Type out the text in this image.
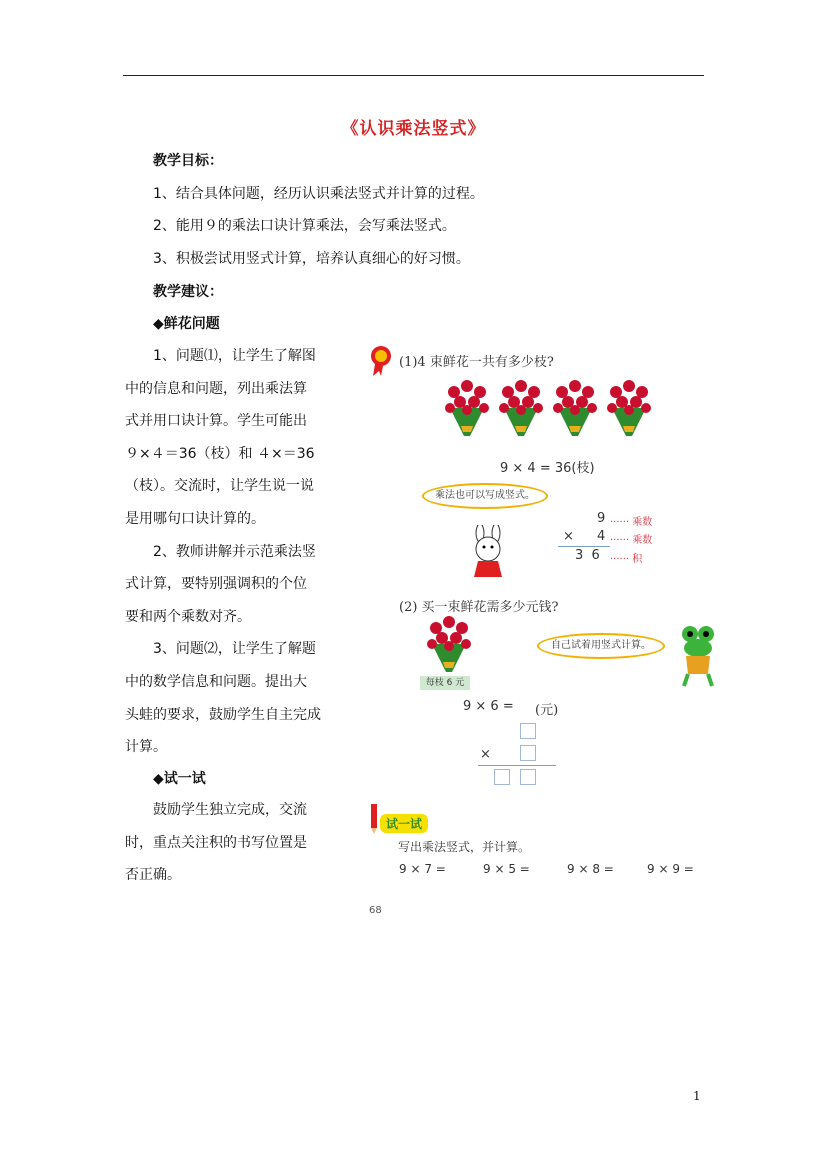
《认识乘法竖式》
教学目标：
1、结合具体问题，经历认识乘法竖式并计算的过程。
2、能用９的乘法口诀计算乘法，会写乘法竖式。
3、积极尝试用竖式计算，培养认真细心的好习惯。
教学建议：
◆鲜花问题

1、问题⑴，让学生了解图

中的信息和问题，列出乘法算

式并用口诀计算。学生可能出

９×４＝36（枝）和 ４×＝36

（枝）。交流时，让学生说一说

是用哪句口诀计算的。

2、教师讲解并示范乘法竖

式计算，要特别强调积的个位

要和两个乘数对齐。

3、问题⑵，让学生了解题

中的数学信息和问题。提出大

头蛙的要求，鼓励学生自主完成

计算。

◆试一试

鼓励学生独立完成，交流

时，重点关注积的书写位置是

否正确。

(1)4 束鲜花一共有多少枝?
9 × 4 = 36(枝)
乘法也可以写成竖式。
9 ······ 乘数
× 4 ······ 乘数
3  6 ······ 积
(2) 买一束鲜花需多少元钱?
每枝 6 元
自己试着用竖式计算。
9 × 6 = (元)
×
试一试
写出乘法竖式，并计算。
9 × 7 =	9 × 5 =	9 × 8 =	9 × 9 =
68
1
